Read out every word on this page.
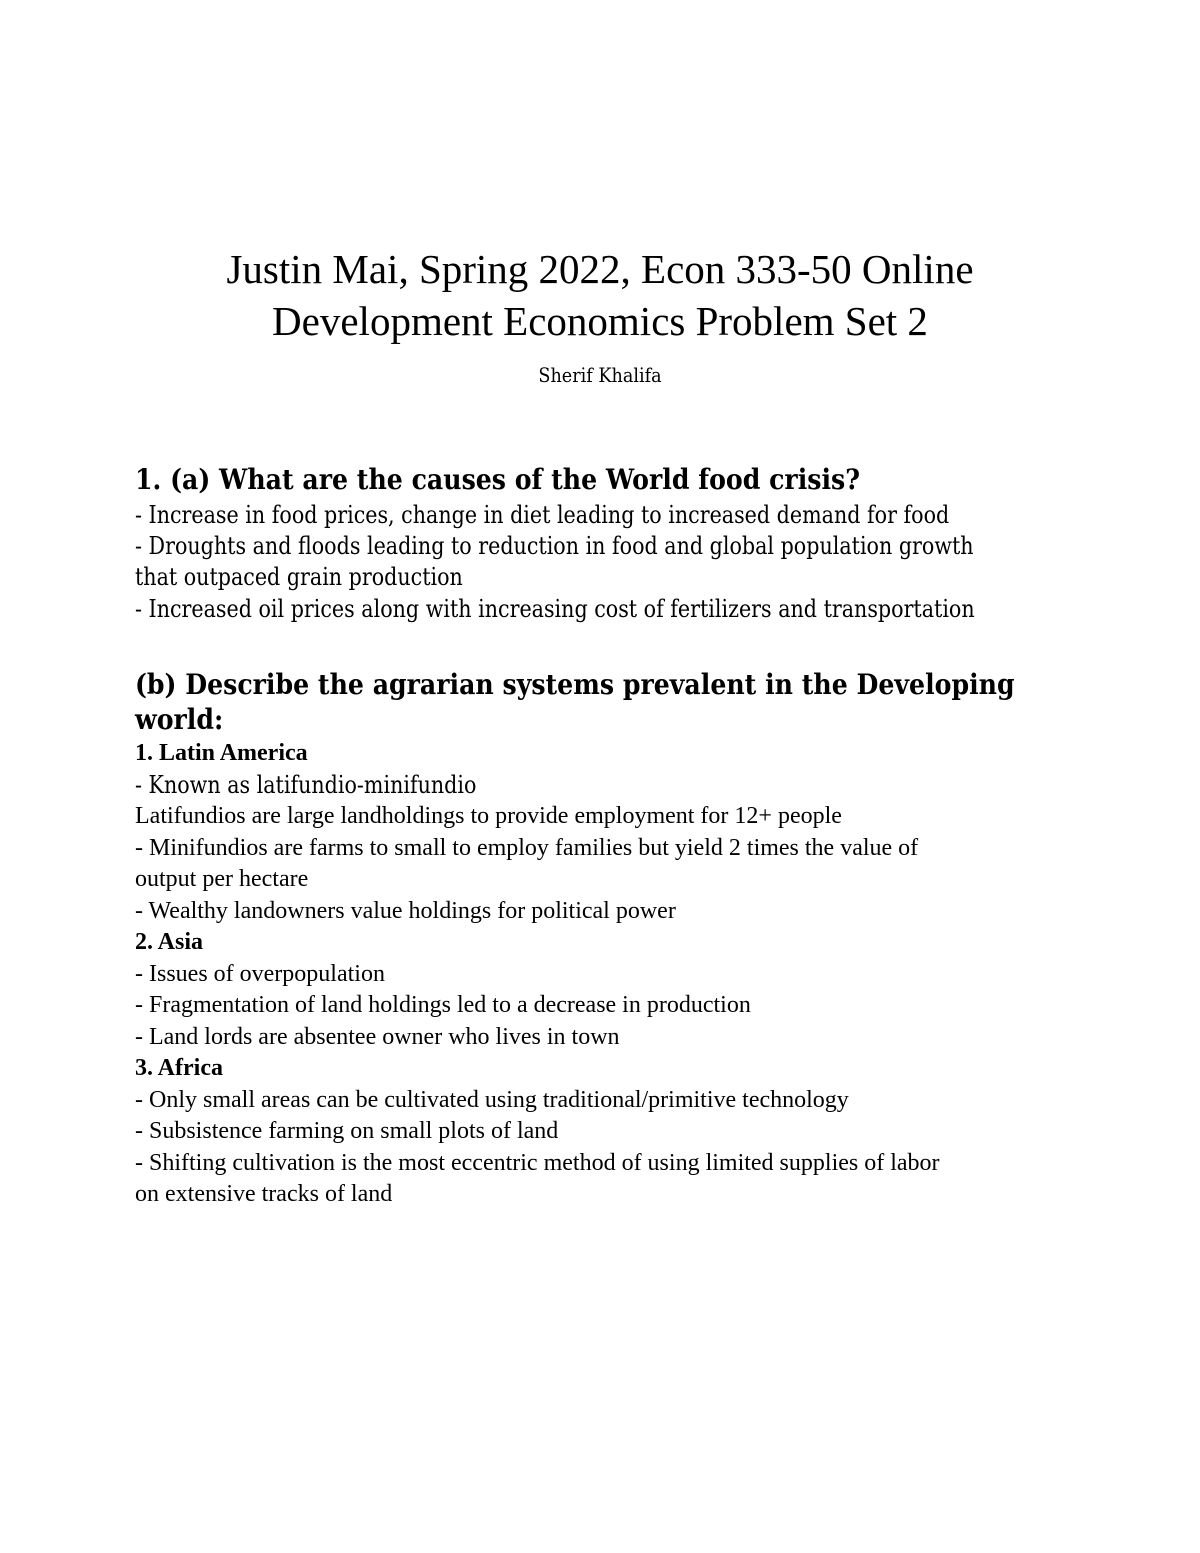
Justin Mai, Spring 2022, Econ 333-50 Online
Development Economics Problem Set 2
Sherif Khalifa
1. (a) What are the causes of the World food crisis?
- Increase in food prices, change in diet leading to increased demand for food
- Droughts and floods leading to reduction in food and global population growth
that outpaced grain production
- Increased oil prices along with increasing cost of fertilizers and transportation
(b) Describe the agrarian systems prevalent in the Developing
world:
1. Latin America
- Known as latifundio-minifundio
Latifundios are large landholdings to provide employment for 12+ people
- Minifundios are farms to small to employ families but yield 2 times the value of
output per hectare
- Wealthy landowners value holdings for political power
2. Asia
- Issues of overpopulation
- Fragmentation of land holdings led to a decrease in production
- Land lords are absentee owner who lives in town
3. Africa
- Only small areas can be cultivated using traditional/primitive technology
- Subsistence farming on small plots of land
- Shifting cultivation is the most eccentric method of using limited supplies of labor
on extensive tracks of land
